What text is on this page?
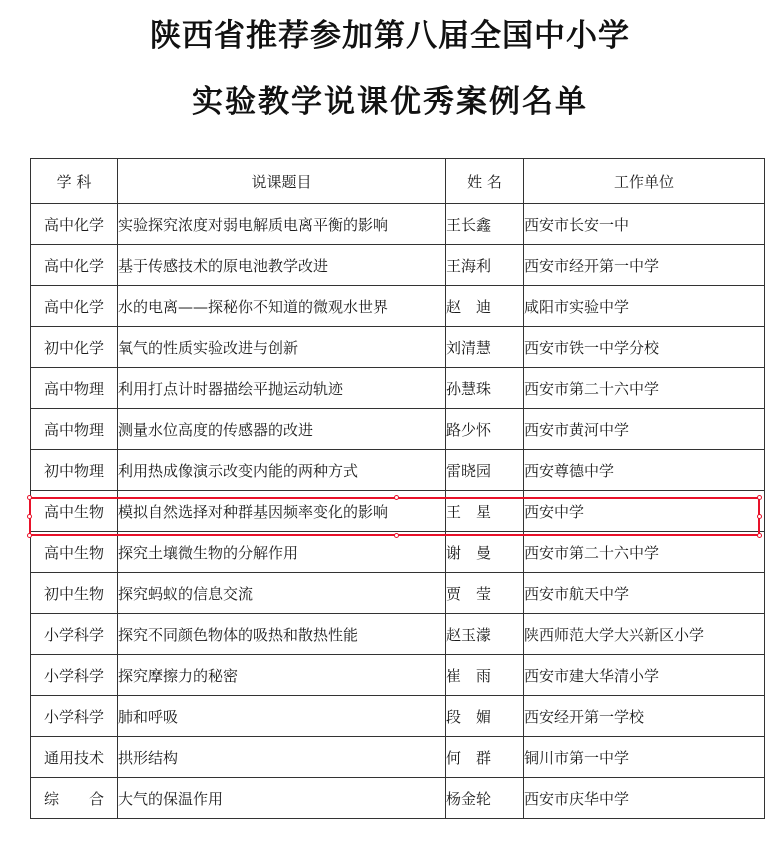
陕西省推荐参加第八届全国中小学
实验教学说课优秀案例名单
学 科	说课题目	姓 名	工作单位
高中化学	实验探究浓度对弱电解质电离平衡的影响	王长鑫	西安市长安一中
高中化学	基于传感技术的原电池教学改进	王海利	西安市经开第一中学
高中化学	水的电离——探秘你不知道的微观水世界	赵　迪	咸阳市实验中学
初中化学	氧气的性质实验改进与创新	刘清慧	西安市铁一中学分校
高中物理	利用打点计时器描绘平抛运动轨迹	孙慧珠	西安市第二十六中学
高中物理	测量水位高度的传感器的改进	路少怀	西安市黄河中学
初中物理	利用热成像演示改变内能的两种方式	雷晓园	西安尊德中学
高中生物	模拟自然选择对种群基因频率变化的影响	王　星	西安中学
高中生物	探究土壤微生物的分解作用	谢　曼	西安市第二十六中学
初中生物	探究蚂蚁的信息交流	贾　莹	西安市航天中学
小学科学	探究不同颜色物体的吸热和散热性能	赵玉濛	陕西师范大学大兴新区小学
小学科学	探究摩擦力的秘密	崔　雨	西安市建大华清小学
小学科学	肺和呼吸	段　媚	西安经开第一学校
通用技术	拱形结构	何　群	铜川市第一中学
综　　合	大气的保温作用	杨金轮	西安市庆华中学
